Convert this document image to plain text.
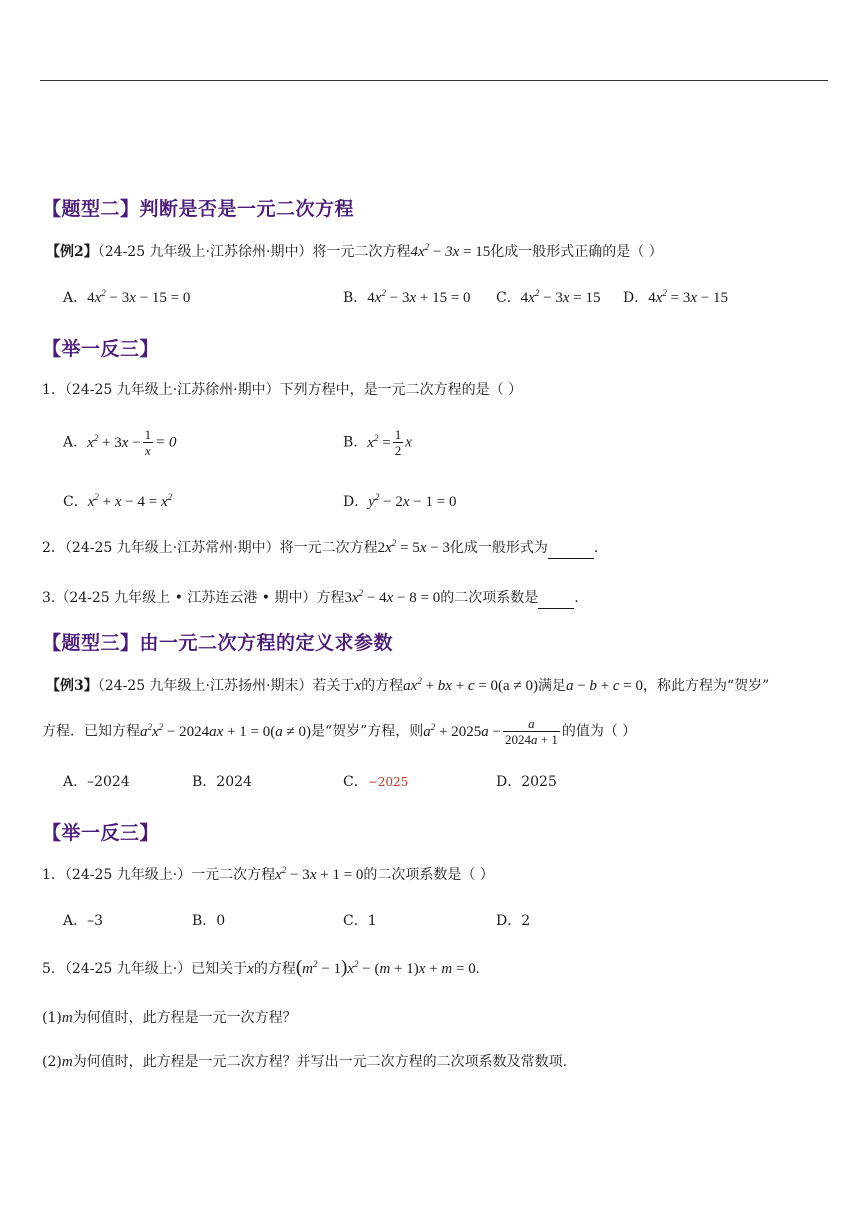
【题型二】判断是否是一元二次方程
【例2】（24-25 九年级上·江苏徐州·期中）将一元二次方程$4x^2 - 3x = 15$化成一般形式正确的是（ ）
A．$4x^2 - 3x - 15 = 0$	B．$4x^2 - 3x + 15 = 0$ C．$4x^2 - 3x = 15$ D．$4x^2 = 3x - 15$
【举一反三】
1．（24-25 九年级上·江苏徐州·期中）下列方程中，是一元二次方程的是（ ）
A．$x^2 + 3x - \frac{1}{x} = 0$	B．$x^2 = \frac{1}{2}$ x
C．$x^2 + x - 4 = x^2$	D．$y^2 - 2x - 1 = 0$
2．（24-25 九年级上·江苏常州·期中）将一元二次方程$2x^2 = 5x - 3$化成一般形式为	.
3.（24-25 九年级上 • 江苏连云港 • 期中）方程$3x^2 - 4x - 8 = 0$的二次项系数是	.
【题型三】由一元二次方程的定义求参数
【例3】（24-25 九年级上·江苏扬州·期末）若关于x的方程$ax^2$ + bx + c = 0(a ≠ 0)满足a − b + c = 0，称此方程为“贺岁”
方程．已知方程$a^2x^2 - 2024ax + 1 = 0(a \ne 0)$是“贺岁”方程，则$a^2 + 2025a - \frac{a}{2024a + 1}$ 的值为（ ）
A．–2024	B．2024	C．−2025	D．2025
【举一反三】
1．（24-25 九年级上·）一元二次方程$x^2 - 3x + 1 = 0$的二次项系数是（ ）
A．–3	B．0	C．1	D．2
5．（24-25 九年级上·）已知关于x的方程$(m^2 - 1)x^2 - (m + 1)x + m = 0$.
(1)m为何值时，此方程是一元一次方程？
(2)m为何值时，此方程是一元二次方程？并写出一元二次方程的二次项系数及常数项.
